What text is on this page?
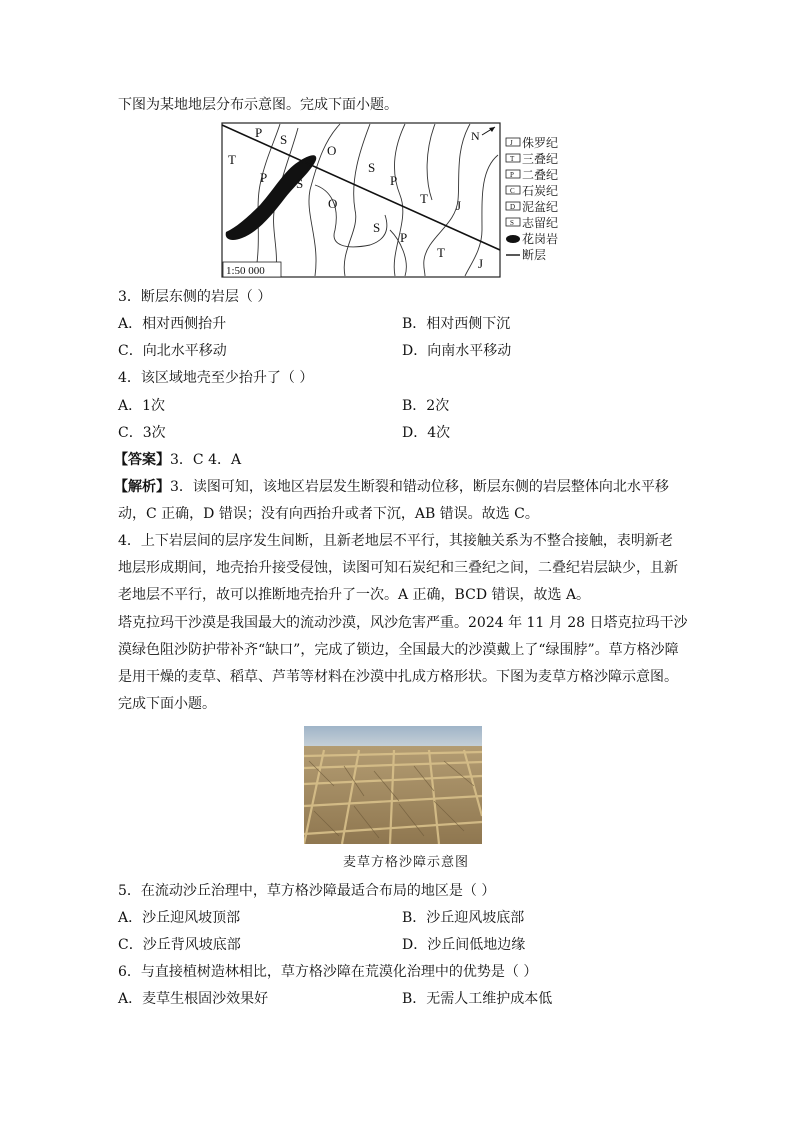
下图为某地地层分布示意图。完成下面小题。
P S
O
T
P S
O
S
P
T J
S
P
T
J
N
1:50 000
J 侏罗纪
T 三叠纪
P 二叠纪
C 石炭纪
D 泥盆纪
S 志留纪
花岗岩
断层
3．断层东侧的岩层（ ）
A．相对西侧抬升	B．相对西侧下沉
C．向北水平移动	D．向南水平移动
4．该区域地壳至少抬升了（ ）
A．1次	B．2次
C．3次	D．4次
【答案】3．C 4．A
【解析】3．读图可知，该地区岩层发生断裂和错动位移，断层东侧的岩层整体向北水平移
动，C 正确，D 错误；没有向西抬升或者下沉，AB 错误。故选 C。
4．上下岩层间的层序发生间断，且新老地层不平行，其接触关系为不整合接触，表明新老
地层形成期间，地壳抬升接受侵蚀，读图可知石炭纪和三叠纪之间，二叠纪岩层缺少，且新
老地层不平行，故可以推断地壳抬升了一次。A 正确，BCD 错误，故选 A。
塔克拉玛干沙漠是我国最大的流动沙漠，风沙危害严重。2024 年 11 月 28 日塔克拉玛干沙
漠绿色阻沙防护带补齐“缺口”，完成了锁边，全国最大的沙漠戴上了“绿围脖”。草方格沙障
是用干燥的麦草、稻草、芦苇等材料在沙漠中扎成方格形状。下图为麦草方格沙障示意图。
完成下面小题。
麦草方格沙障示意图
5．在流动沙丘治理中，草方格沙障最适合布局的地区是（ ）
A．沙丘迎风坡顶部	B．沙丘迎风坡底部
C．沙丘背风坡底部	D．沙丘间低地边缘
6．与直接植树造林相比，草方格沙障在荒漠化治理中的优势是（ ）
A．麦草生根固沙效果好	B．无需人工维护成本低
